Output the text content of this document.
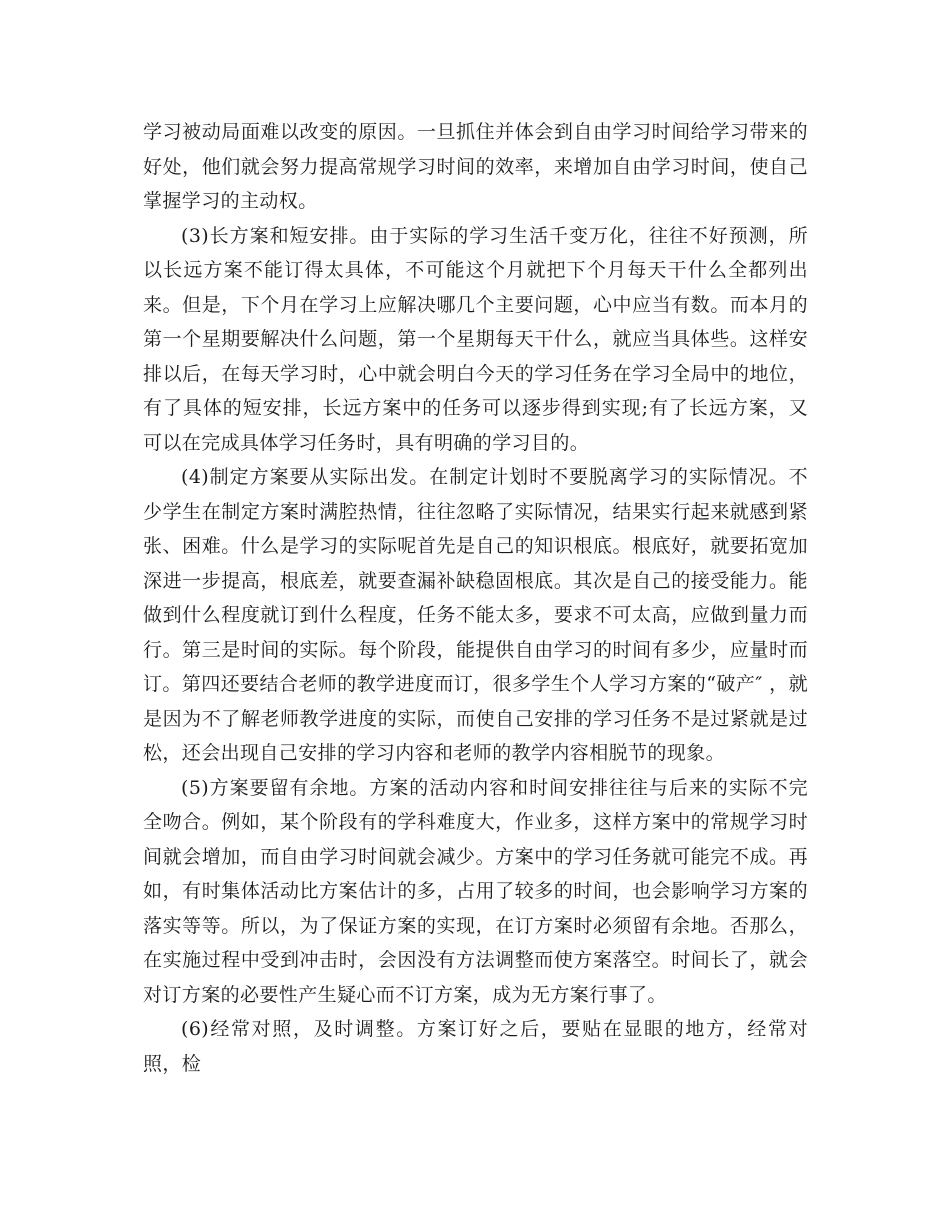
学习被动局面难以改变的原因。一旦抓住并体会到自由学习时间给学习带来的好处，他们就会努力提高常规学习时间的效率，来增加自由学习时间，使自己掌握学习的主动权。

(3)长方案和短安排。由于实际的学习生活千变万化，往往不好预测，所以长远方案不能订得太具体，不可能这个月就把下个月每天干什么全都列出来。但是，下个月在学习上应解决哪几个主要问题，心中应当有数。而本月的第一个星期要解决什么问题，第一个星期每天干什么，就应当具体些。这样安排以后，在每天学习时，心中就会明白今天的学习任务在学习全局中的地位，有了具体的短安排，长远方案中的任务可以逐步得到实现;有了长远方案，又可以在完成具体学习任务时，具有明确的学习目的。

(4)制定方案要从实际出发。在制定计划时不要脱离学习的实际情况。不少学生在制定方案时满腔热情，往往忽略了实际情况，结果实行起来就感到紧张、困难。什么是学习的实际呢首先是自己的知识根底。根底好，就要拓宽加深进一步提高，根底差，就要查漏补缺稳固根底。其次是自己的接受能力。能做到什么程度就订到什么程度，任务不能太多，要求不可太高，应做到量力而行。第三是时间的实际。每个阶段，能提供自由学习的时间有多少，应量时而订。第四还要结合老师的教学进度而订，很多学生个人学习方案的“破产″ ，就是因为不了解老师教学进度的实际，而使自己安排的学习任务不是过紧就是过松，还会出现自己安排的学习内容和老师的教学内容相脱节的现象。

(5)方案要留有余地。方案的活动内容和时间安排往往与后来的实际不完全吻合。例如，某个阶段有的学科难度大，作业多，这样方案中的常规学习时间就会增加，而自由学习时间就会减少。方案中的学习任务就可能完不成。再如，有时集体活动比方案估计的多，占用了较多的时间，也会影响学习方案的落实等等。所以，为了保证方案的实现，在订方案时必须留有余地。否那么，在实施过程中受到冲击时，会因没有方法调整而使方案落空。时间长了，就会对订方案的必要性产生疑心而不订方案，成为无方案行事了。

(6)经常对照，及时调整。方案订好之后，要贴在显眼的地方，经常对照，检
